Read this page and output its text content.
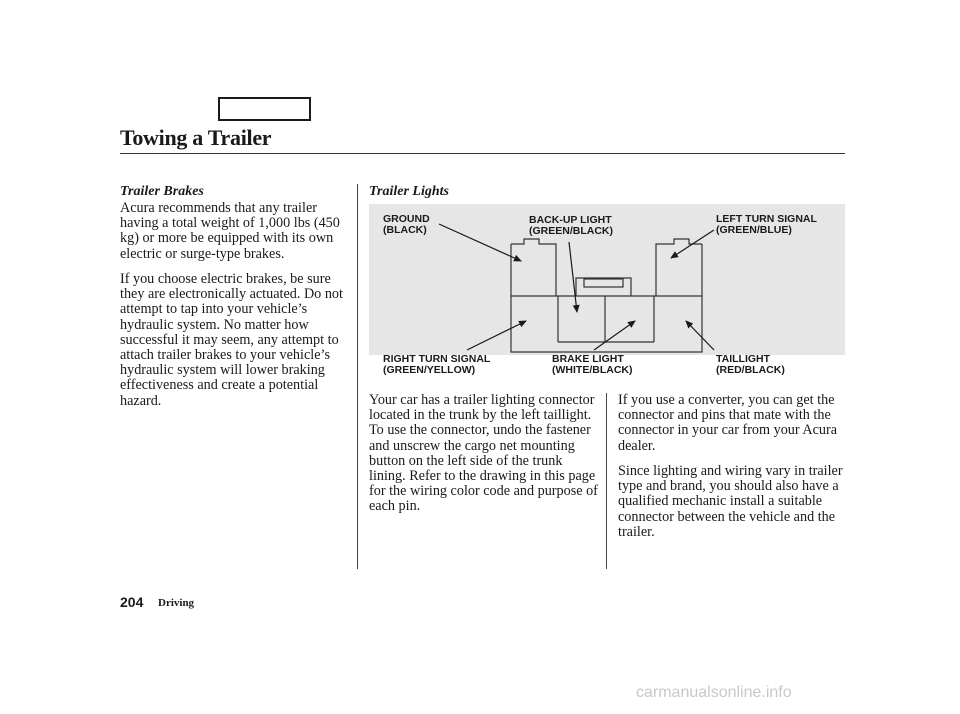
Towing a Trailer
Trailer Brakes

Acura recommends that any trailer having a total weight of 1,000 lbs (450 kg) or more be equipped with its own electric or surge-type brakes.

If you choose electric brakes, be sure they are electronically actuated. Do not attempt to tap into your vehicle’s hydraulic system. No matter how successful it may seem, any attempt to attach trailer brakes to your vehicle’s hydraulic system will lower braking effectiveness and create a potential hazard.

Trailer Lights
GROUND
(BLACK)
BACK-UP LIGHT
(GREEN/BLACK)
LEFT TURN SIGNAL
(GREEN/BLUE)
RIGHT TURN SIGNAL
(GREEN/YELLOW)
BRAKE LIGHT
(WHITE/BLACK)
TAILLIGHT
(RED/BLACK)

Your car has a trailer lighting connector located in the trunk by the left taillight. To use the connector, undo the fastener and unscrew the cargo net mounting button on the left side of the trunk lining. Refer to the drawing in this page for the wiring color code and purpose of each pin.

If you use a converter, you can get the connector and pins that mate with the connector in your car from your Acura dealer.

Since lighting and wiring vary in trailer type and brand, you should also have a qualified mechanic install a suitable connector between the vehicle and the trailer.

204 Driving
carmanualsonline.info
